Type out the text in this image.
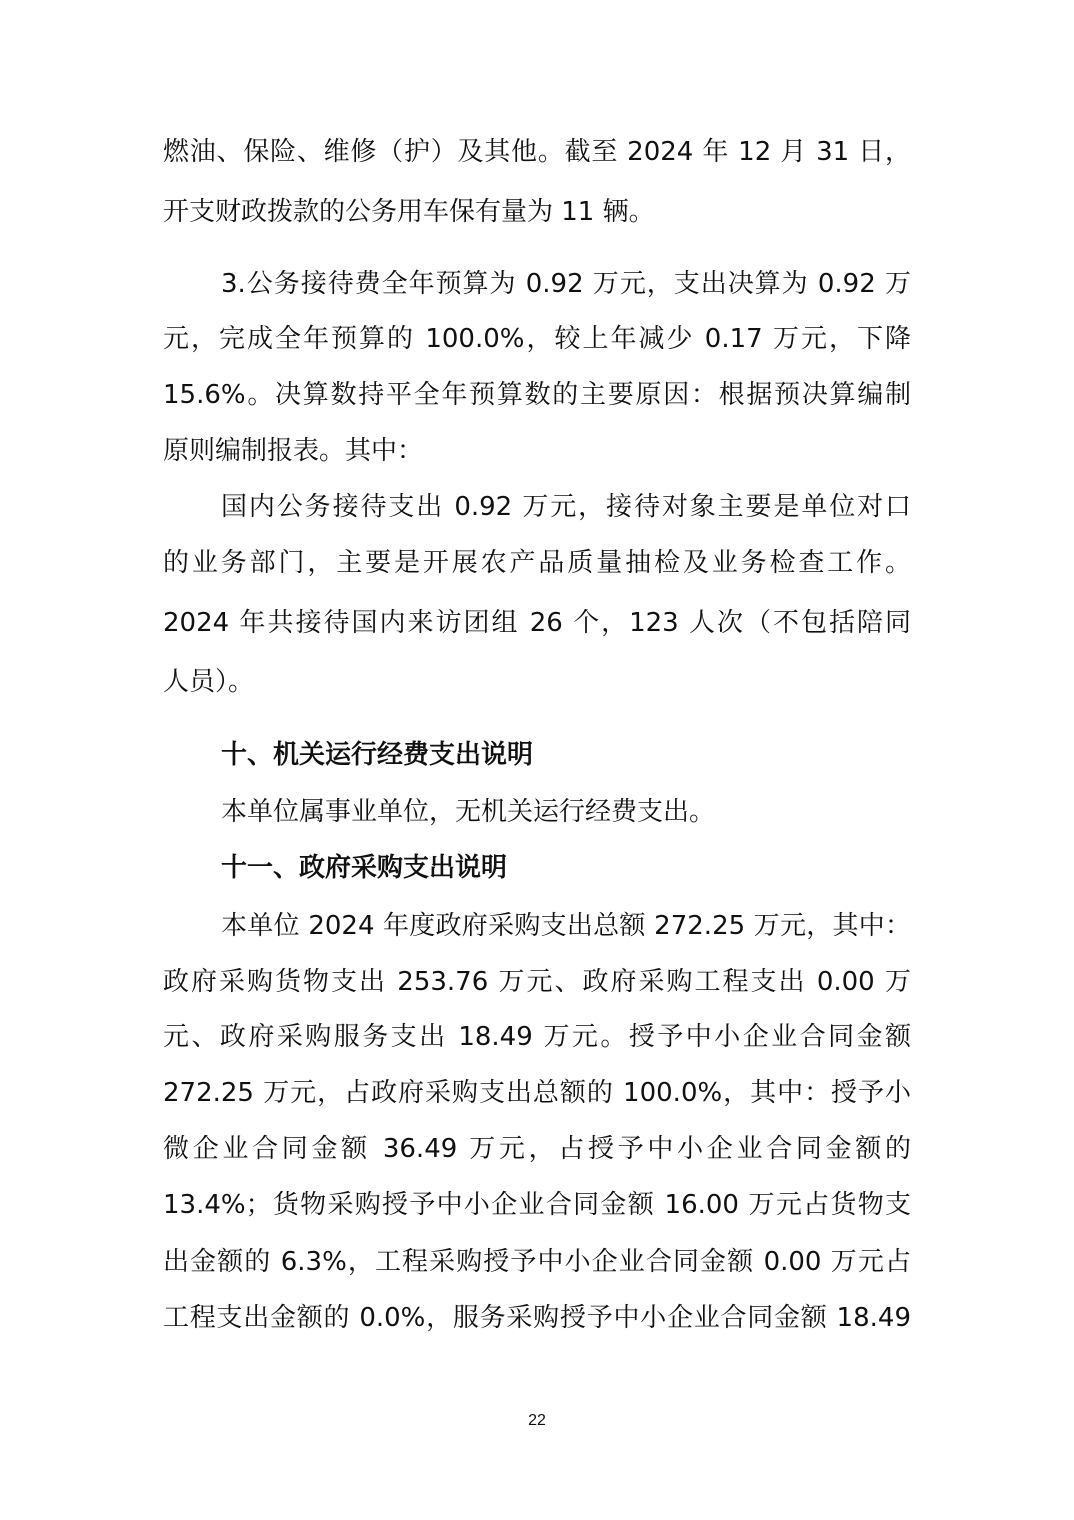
燃油、保险、维修（护）及其他。截至 2024 年 12 月 31 日，
开支财政拨款的公务用车保有量为 11 辆。
3.公务接待费全年预算为 0.92 万元，支出决算为 0.92 万
元，完成全年预算的 100.0%，较上年减少 0.17 万元，下降
15.6%。决算数持平全年预算数的主要原因：根据预决算编制
原则编制报表。其中：
国内公务接待支出 0.92 万元，接待对象主要是单位对口
的业务部门，主要是开展农产品质量抽检及业务检查工作。
2024 年共接待国内来访团组 26 个，123 人次（不包括陪同
人员）。
十、机关运行经费支出说明
本单位属事业单位，无机关运行经费支出。
十一、政府采购支出说明
本单位 2024 年度政府采购支出总额 272.25 万元，其中：
政府采购货物支出 253.76 万元、政府采购工程支出 0.00 万
元、政府采购服务支出 18.49 万元。授予中小企业合同金额
272.25 万元，占政府采购支出总额的 100.0%，其中：授予小
微企业合同金额 36.49 万元，占授予中小企业合同金额的
13.4%；货物采购授予中小企业合同金额 16.00 万元占货物支
出金额的 6.3%，工程采购授予中小企业合同金额 0.00 万元占
工程支出金额的 0.0%，服务采购授予中小企业合同金额 18.49
22
